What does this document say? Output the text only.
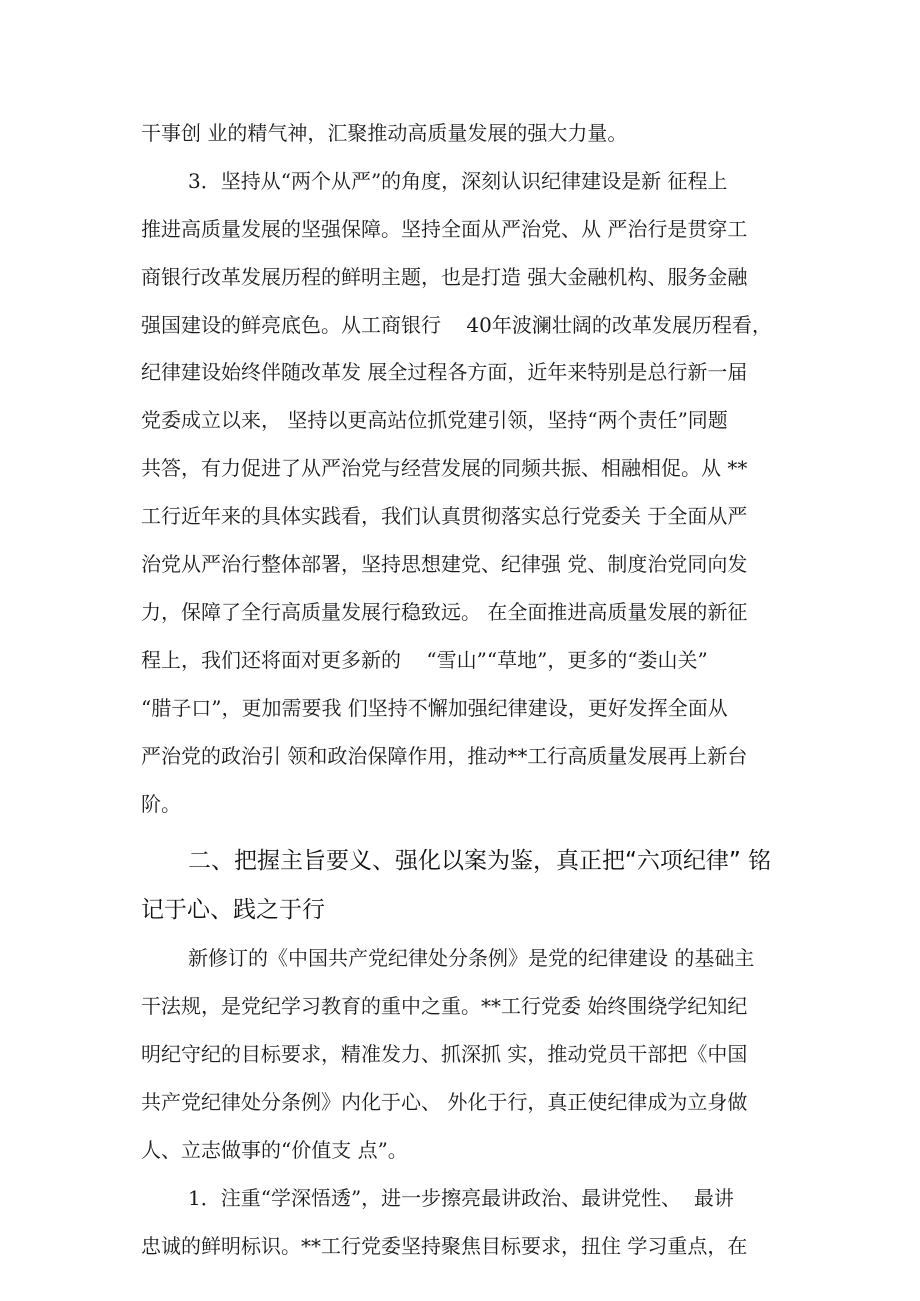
干事创 业的精气神，汇聚推动高质量发展的强大力量。
3．坚持从“两个从严”的角度，深刻认识纪律建设是新 征程上
推进高质量发展的坚强保障。坚持全面从严治党、从 严治行是贯穿工
商银行改革发展历程的鲜明主题，也是打造 强大金融机构、服务金融
强国建设的鲜亮底色。从工商银行    40年波澜壮阔的改革发展历程看，
纪律建设始终伴随改革发 展全过程各方面，近年来特别是总行新一届
党委成立以来， 坚持以更高站位抓党建引领，坚持“两个责任”同题
共答，有力促进了从严治党与经营发展的同频共振、相融相促。从 **
工行近年来的具体实践看，我们认真贯彻落实总行党委关 于全面从严
治党从严治行整体部署，坚持思想建党、纪律强 党、制度治党同向发
力，保障了全行高质量发展行稳致远。 在全面推进高质量发展的新征
程上，我们还将面对更多新的    “雪山”“草地”，更多的“娄山关”
“腊子口”，更加需要我 们坚持不懈加强纪律建设，更好发挥全面从
严治党的政治引 领和政治保障作用，推动**工行高质量发展再上新台
阶。
二、把握主旨要义、强化以案为鉴，真正把“六项纪律” 铭
记于心、践之于行
新修订的《中国共产党纪律处分条例》是党的纪律建设 的基础主
干法规，是党纪学习教育的重中之重。**工行党委 始终围绕学纪知纪
明纪守纪的目标要求，精准发力、抓深抓 实，推动党员干部把《中国
共产党纪律处分条例》内化于心、 外化于行，真正使纪律成为立身做
人、立志做事的“价值支 点”。
1．注重“学深悟透”，进一步擦亮最讲政治、最讲党性、  最讲
忠诚的鲜明标识。**工行党委坚持聚焦目标要求，扭住 学习重点，在
